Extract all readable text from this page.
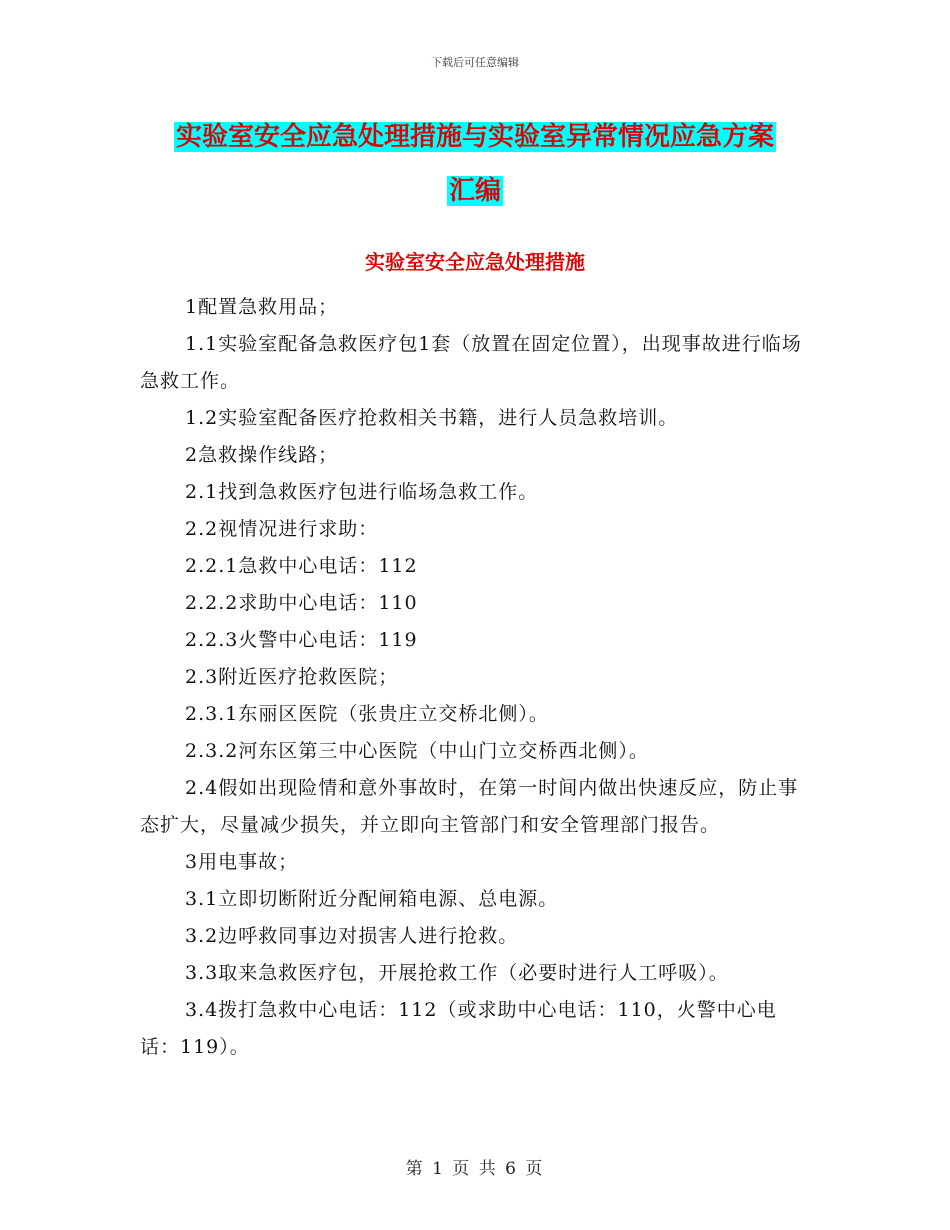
下载后可任意编辑
实验室安全应急处理措施与实验室异常情况应急方案
汇编
实验室安全应急处理措施

1配置急救用品；

1.1实验室配备急救医疗包1套（放置在固定位置），出现事故进行临场急救工作。

1.2实验室配备医疗抢救相关书籍，进行人员急救培训。

2急救操作线路；

2.1找到急救医疗包进行临场急救工作。

2.2视情况进行求助：

2.2.1急救中心电话：112

2.2.2求助中心电话：110

2.2.3火警中心电话：119

2.3附近医疗抢救医院；

2.3.1东丽区医院（张贵庄立交桥北侧）。

2.3.2河东区第三中心医院（中山门立交桥西北侧）。

2.4假如出现险情和意外事故时，在第一时间内做出快速反应，防止事态扩大，尽量减少损失，并立即向主管部门和安全管理部门报告。

3用电事故；

3.1立即切断附近分配闸箱电源、总电源。

3.2边呼救同事边对损害人进行抢救。

3.3取来急救医疗包，开展抢救工作（必要时进行人工呼吸）。

3.4拨打急救中心电话：112（或求助中心电话：110，火警中心电话：119）。

第 1 页 共 6 页
